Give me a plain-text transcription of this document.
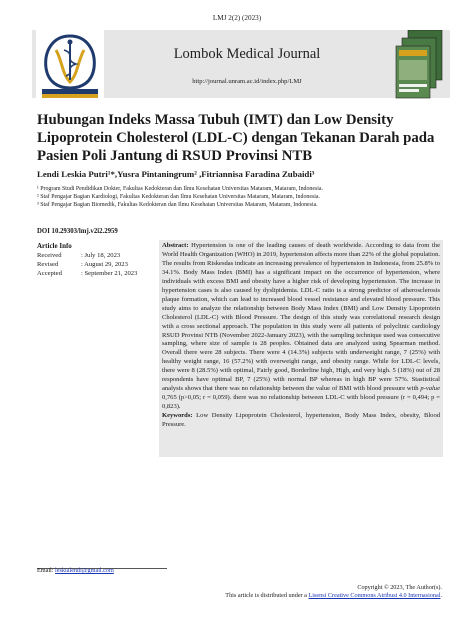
LMJ 2(2) (2023)
Lombok Medical Journal
http://journal.unram.ac.id/index.php/LMJ
Hubungan Indeks Massa Tubuh (IMT) dan Low Density Lipoprotein Cholesterol (LDL-C) dengan Tekanan Darah pada Pasien Poli Jantung di RSUD Provinsi NTB
Lendi Leskia Putri¹*,Yusra Pintaningrum² ,Fitriannisa Faradina Zubaidi³
¹ Program Studi Pendidikan Dokter, Fakultas Kedokteran dan Ilmu Kesehatan Universitas Mataram, Mataram, Indonesia.
² Staf Pengajar Bagian Kardiologi, Fakultas Kedokteran dan Ilmu Kesehatan Universitas Mataram, Mataram, Indonesia.
³ Staf Pengajar Bagian Biomedik, Fakultas Kedokteran dan Ilmu Kesehatan Universitas Mataram, Mataram, Indonesia.
DOI 10.29303/lmj.v2i2.2959
Article Info
Received	: July 18, 2023
Revised	: August 29, 2023
Accepted	: September 21, 2023
Abstract: Hypertension is one of the leading causes of death worldwide. According to data from the World Health Organization (WHO) in 2019, hypertension affects more than 22% of the global population. The results from Riskesdas indicate an increasing prevalence of hypertension in Indonesia, from 25.8% to 34.1%. Body Mass Index (BMI) has a significant impact on the occurrence of hypertension, where individuals with excess BMI and obesity have a higher risk of developing hypertension. The increase in hypertension cases is also caused by dyslipidemia. LDL-C ratio is a strong predictor of atherosclerosis plaque formation, which can lead to increased blood vessel resistance and elevated blood pressure. This study aims to analyze the relationship between Body Mass Index (BMI) and Low Density Lipoprotein Cholesterol (LDL-C) with Blood Pressure. The design of this study was correlational research design with a cross sectional approach. The population in this study were all patients of polyclinic cardiology RSUD Provinsi NTB (November 2022-January 2023), with the sampling technique used was consecutive sampling, where size of sample is 28 peoples. Obtained data are analyzed using Spearman method. Overall there were 28 subjects. There were 4 (14.3%) subjects with underweight range, 7 (25%) with healthy weight range, 16 (57.2%) with overweight range, and obesity range. While for LDL-C levels, there were 8 (28.5%) with optimal, Fairly good, Borderline high, High, and very high. 5 (18%) out of 28 respondents have optimal BP, 7 (25%) with normal BP whereas in high BP were 57%. Stastistical analysis shows that there was no relationship between the value of BMI with blood pressure with p-value 0,765 (p>0,05; r = 0,059). there was no relationship between LDL-C with blood pressure (r = 0,494; p = 0,823).
Keywords: Low Density Lipoprotein Cholesterol, hypertension, Body Mass Index, obesity, Blood Pressure.
Email: leskialendi@gmail.com
Copyright © 2023, The Author(s).
This article is distributed under a Lisensi Creative Commons Atribusi 4.0 Internasional.
